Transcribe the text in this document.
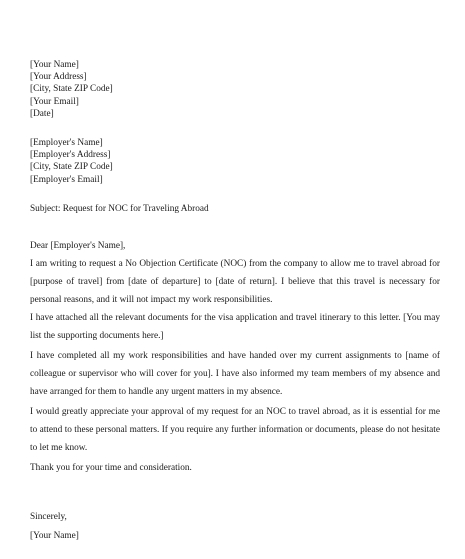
[Your Name]
[Your Address]
[City, State ZIP Code]
[Your Email]
[Date]
[Employer's Name]
[Employer's Address]
[City, State ZIP Code]
[Employer's Email]
Subject: Request for NOC for Traveling Abroad
Dear [Employer's Name],
I am writing to request a No Objection Certificate (NOC) from the company to allow me to travel abroad for [purpose of travel] from [date of departure] to [date of return]. I believe that this travel is necessary for personal reasons, and it will not impact my work responsibilities.
I have attached all the relevant documents for the visa application and travel itinerary to this letter. [You may list the supporting documents here.]
I have completed all my work responsibilities and have handed over my current assignments to [name of colleague or supervisor who will cover for you]. I have also informed my team members of my absence and have arranged for them to handle any urgent matters in my absence.
I would greatly appreciate your approval of my request for an NOC to travel abroad, as it is essential for me to attend to these personal matters. If you require any further information or documents, please do not hesitate to let me know.
Thank you for your time and consideration.
Sincerely,
[Your Name]
